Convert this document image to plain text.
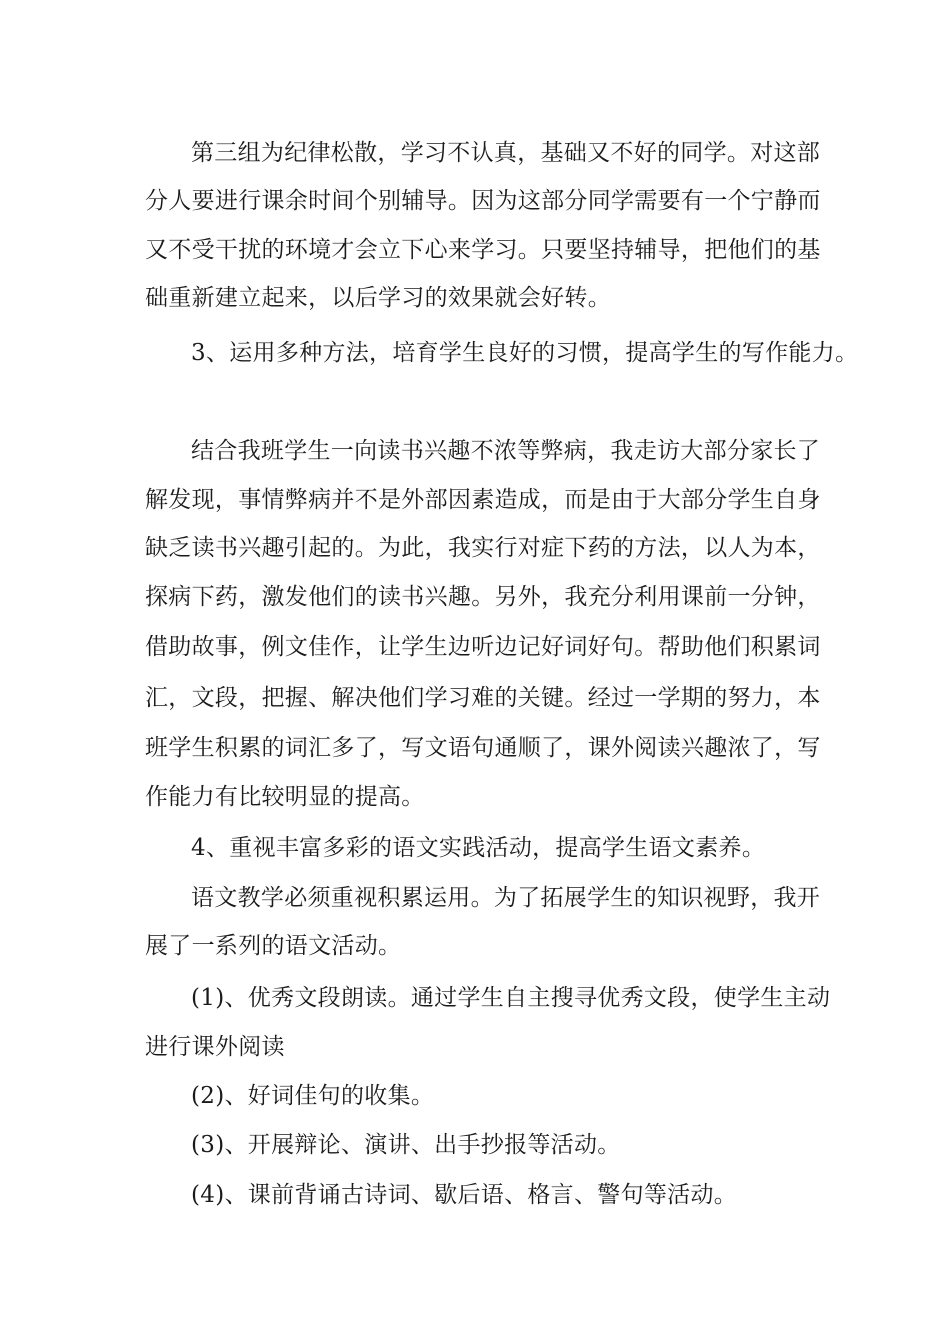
第三组为纪律松散，学习不认真，基础又不好的同学。对这部

分人要进行课余时间个别辅导。因为这部分同学需要有一个宁静而

又不受干扰的环境才会立下心来学习。只要坚持辅导，把他们的基

础重新建立起来，以后学习的效果就会好转。

3、运用多种方法，培育学生良好的习惯，提高学生的写作能力。

结合我班学生一向读书兴趣不浓等弊病，我走访大部分家长了

解发现，事情弊病并不是外部因素造成，而是由于大部分学生自身

缺乏读书兴趣引起的。为此，我实行对症下药的方法，以人为本，

探病下药，激发他们的读书兴趣。另外，我充分利用课前一分钟，

借助故事，例文佳作，让学生边听边记好词好句。帮助他们积累词

汇，文段，把握、解决他们学习难的关键。经过一学期的努力，本

班学生积累的词汇多了，写文语句通顺了，课外阅读兴趣浓了，写

作能力有比较明显的提高。

4、重视丰富多彩的语文实践活动，提高学生语文素养。

语文教学必须重视积累运用。为了拓展学生的知识视野，我开

展了一系列的语文活动。

(1)、优秀文段朗读。通过学生自主搜寻优秀文段，使学生主动

进行课外阅读

(2)、好词佳句的收集。

(3)、开展辩论、演讲、出手抄报等活动。

(4)、课前背诵古诗词、歇后语、格言、警句等活动。
